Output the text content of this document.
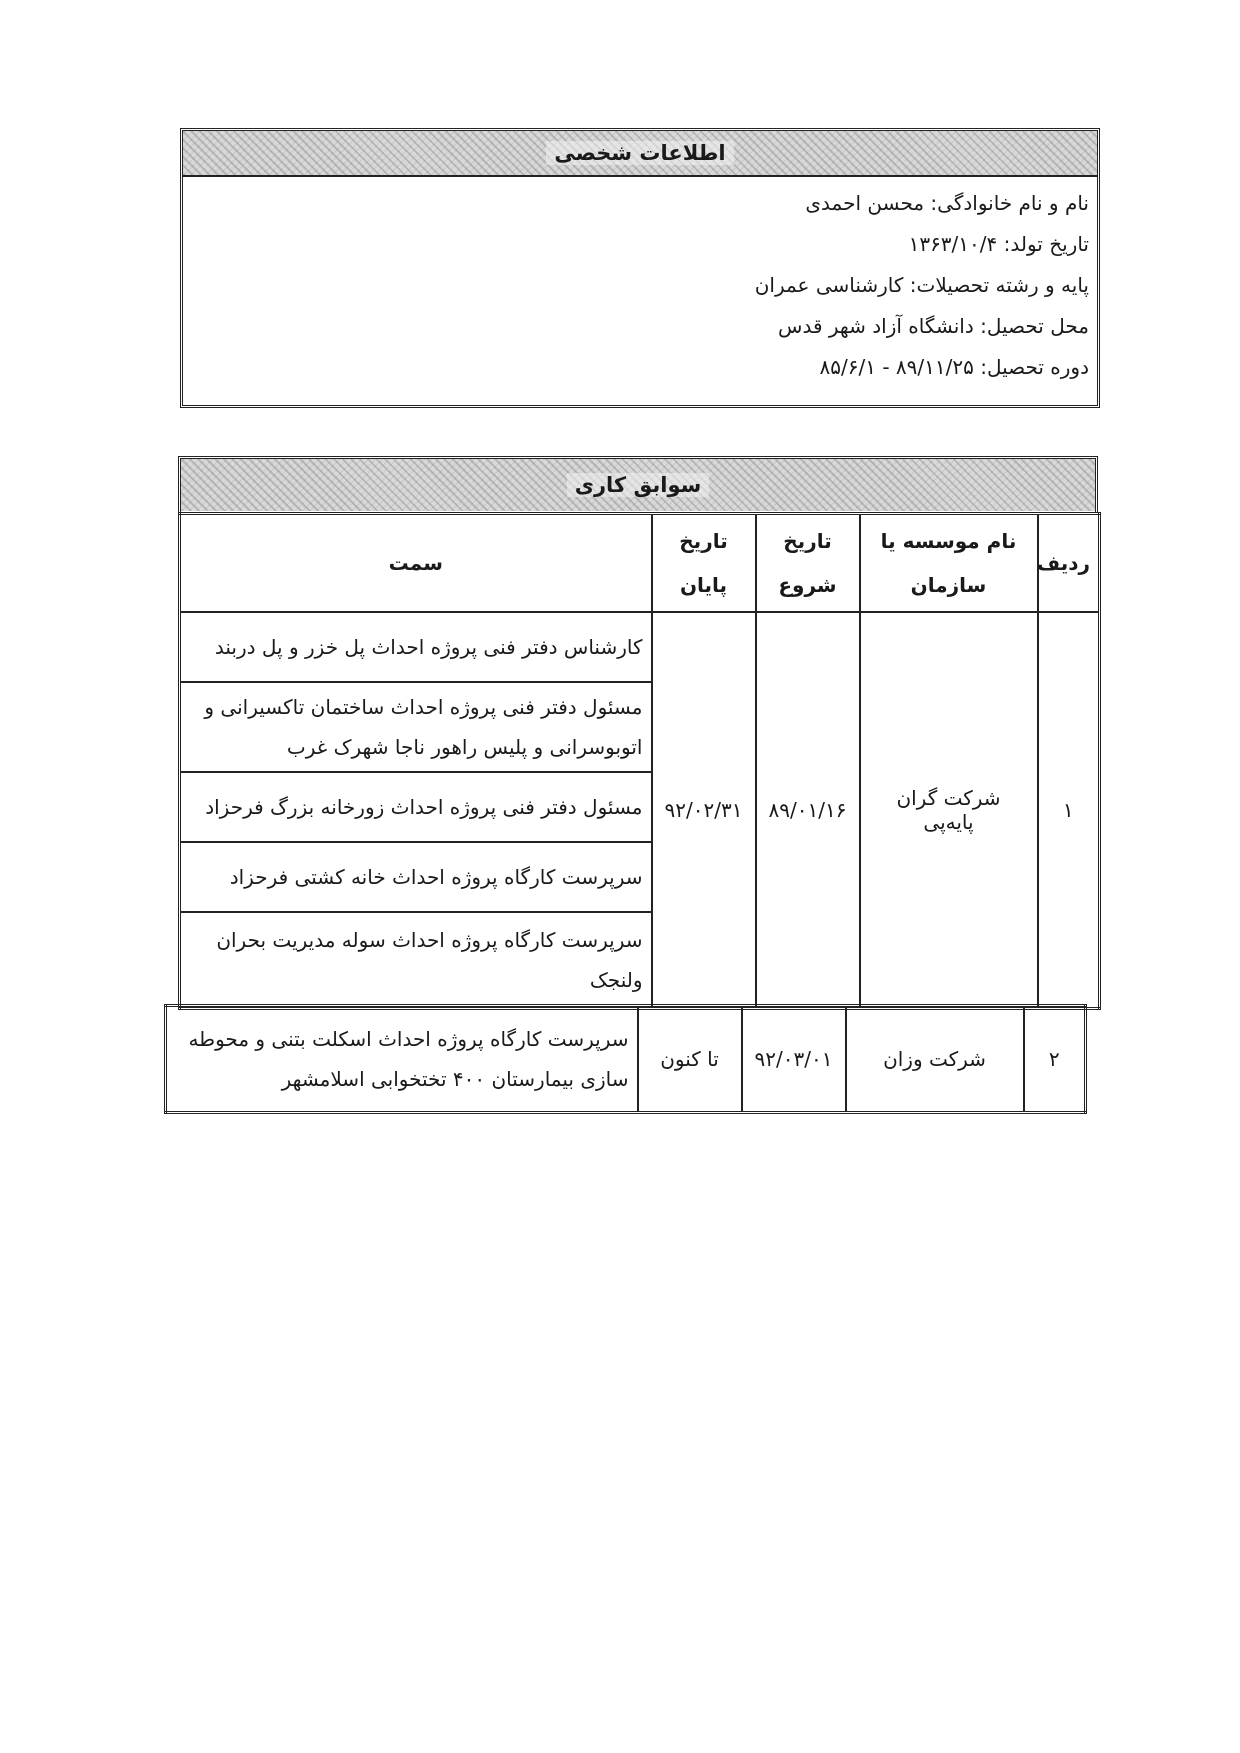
اطلاعات شخصی
نام و نام خانوادگی: محسن احمدی
تاریخ تولد: ۱۳۶۳/۱۰/۴
پایه و رشته تحصیلات: کارشناسی عمران
محل تحصیل: دانشگاه آزاد شهر قدس
دوره تحصیل: ۸۹/۱۱/۲۵ - ۸۵/۶/۱
سوابق کاری
ردیف	نام موسسه یا سازمان	تاریخ شروع	تاریخ پایان	سمت
۱	شرکت گران پایه‌پی	۸۹/۰۱/۱۶	۹۲/۰۲/۳۱	کارشناس دفتر فنی پروژه احداث پل خزر و پل دربند
				مسئول دفتر فنی پروژه احداث ساختمان تاکسیرانی و اتوبوسرانی و پلیس راهور ناجا شهرک غرب
				مسئول دفتر فنی پروژه احداث زورخانه بزرگ فرحزاد
				سرپرست کارگاه پروژه احداث خانه کشتی فرحزاد
				سرپرست کارگاه پروژه احداث سوله مدیریت بحران ولنجک
۲	شرکت وزان	۹۲/۰۳/۰۱	تا کنون	سرپرست کارگاه پروژه احداث اسکلت بتنی و محوطه سازی بیمارستان ۴۰۰ تختخوابی اسلامشهر
